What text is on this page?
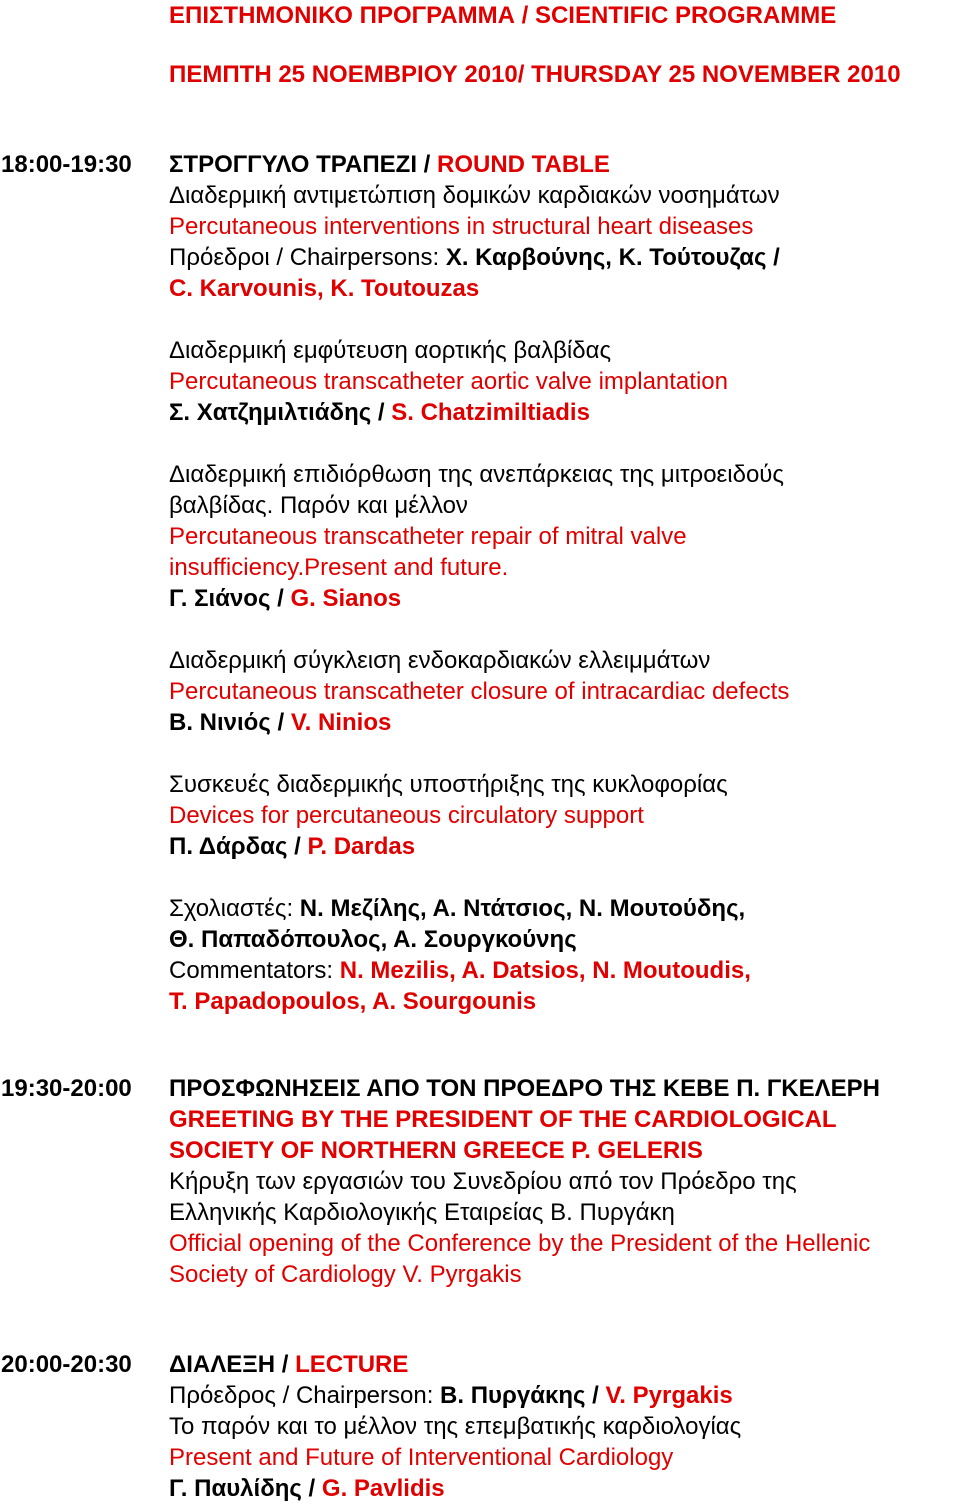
ΕΠΙΣΤΗΜΟΝΙΚΟ ΠΡΟΓΡΑΜΜΑ / SCIENTIFIC PROGRAMME
ΠΕΜΠΤΗ 25 ΝΟΕΜΒΡΙΟΥ 2010/ THURSDAY 25 NOVEMBER 2010
18:00-19:30 ΣΤΡΟΓΓΥΛΟ ΤΡΑΠΕΖΙ / ROUND TABLE
Διαδερμική αντιμετώπιση δομικών καρδιακών νοσημάτων
Percutaneous interventions in structural heart diseases
Πρόεδροι / Chairpersons: Χ. Καρβούνης, Κ. Τούτουζας /
C. Karvounis, K. Toutouzas
Διαδερμική εμφύτευση αορτικής βαλβίδας
Percutaneous transcatheter aortic valve implantation
Σ. Χατζημιλτιάδης / S. Chatzimiltiadis
Διαδερμική επιδιόρθωση της ανεπάρκειας της μιτροειδούς
βαλβίδας. Παρόν και μέλλον
Percutaneous transcatheter repair of mitral valve
insufficiency.Present and future.
Γ. Σιάνος / G. Sianos
Διαδερμική σύγκλειση ενδοκαρδιακών ελλειμμάτων
Percutaneous transcatheter closure of intracardiac defects
Β. Νινιός / V. Ninios
Συσκευές διαδερμικής υποστήριξης της κυκλοφορίας
Devices for percutaneous circulatory support
Π. Δάρδας / P. Dardas
Σχολιαστές: Ν. Μεζίλης, Α. Ντάτσιος, Ν. Μουτούδης,
Θ. Παπαδόπουλος, Α. Σουργκούνης
Commentators: N. Mezilis, A. Datsios, N. Moutoudis,
T. Papadopoulos, A. Sourgounis
19:30-20:00 ΠΡΟΣΦΩΝΗΣΕΙΣ ΑΠΟ ΤΟΝ ΠΡΟΕΔΡΟ ΤΗΣ ΚΕΒΕ Π. ΓΚΕΛΕΡΗ
GREETING BY THE PRESIDENT OF THE CARDIOLOGICAL
SOCIETY OF NORTHERN GREECE P. GELERIS
Κήρυξη των εργασιών του Συνεδρίου από τον Πρόεδρο της
Ελληνικής Καρδιολογικής Εταιρείας Β. Πυργάκη
Official opening of the Conference by the President of the Hellenic
Society of Cardiology V. Pyrgakis
20:00-20:30 ΔΙΑΛΕΞΗ / LECTURE
Πρόεδρος / Chairperson: Β. Πυργάκης / V. Pyrgakis
Το παρόν και το μέλλον της επεμβατικής καρδιολογίας
Present and Future of Interventional Cardiology
Γ. Παυλίδης / G. Pavlidis
